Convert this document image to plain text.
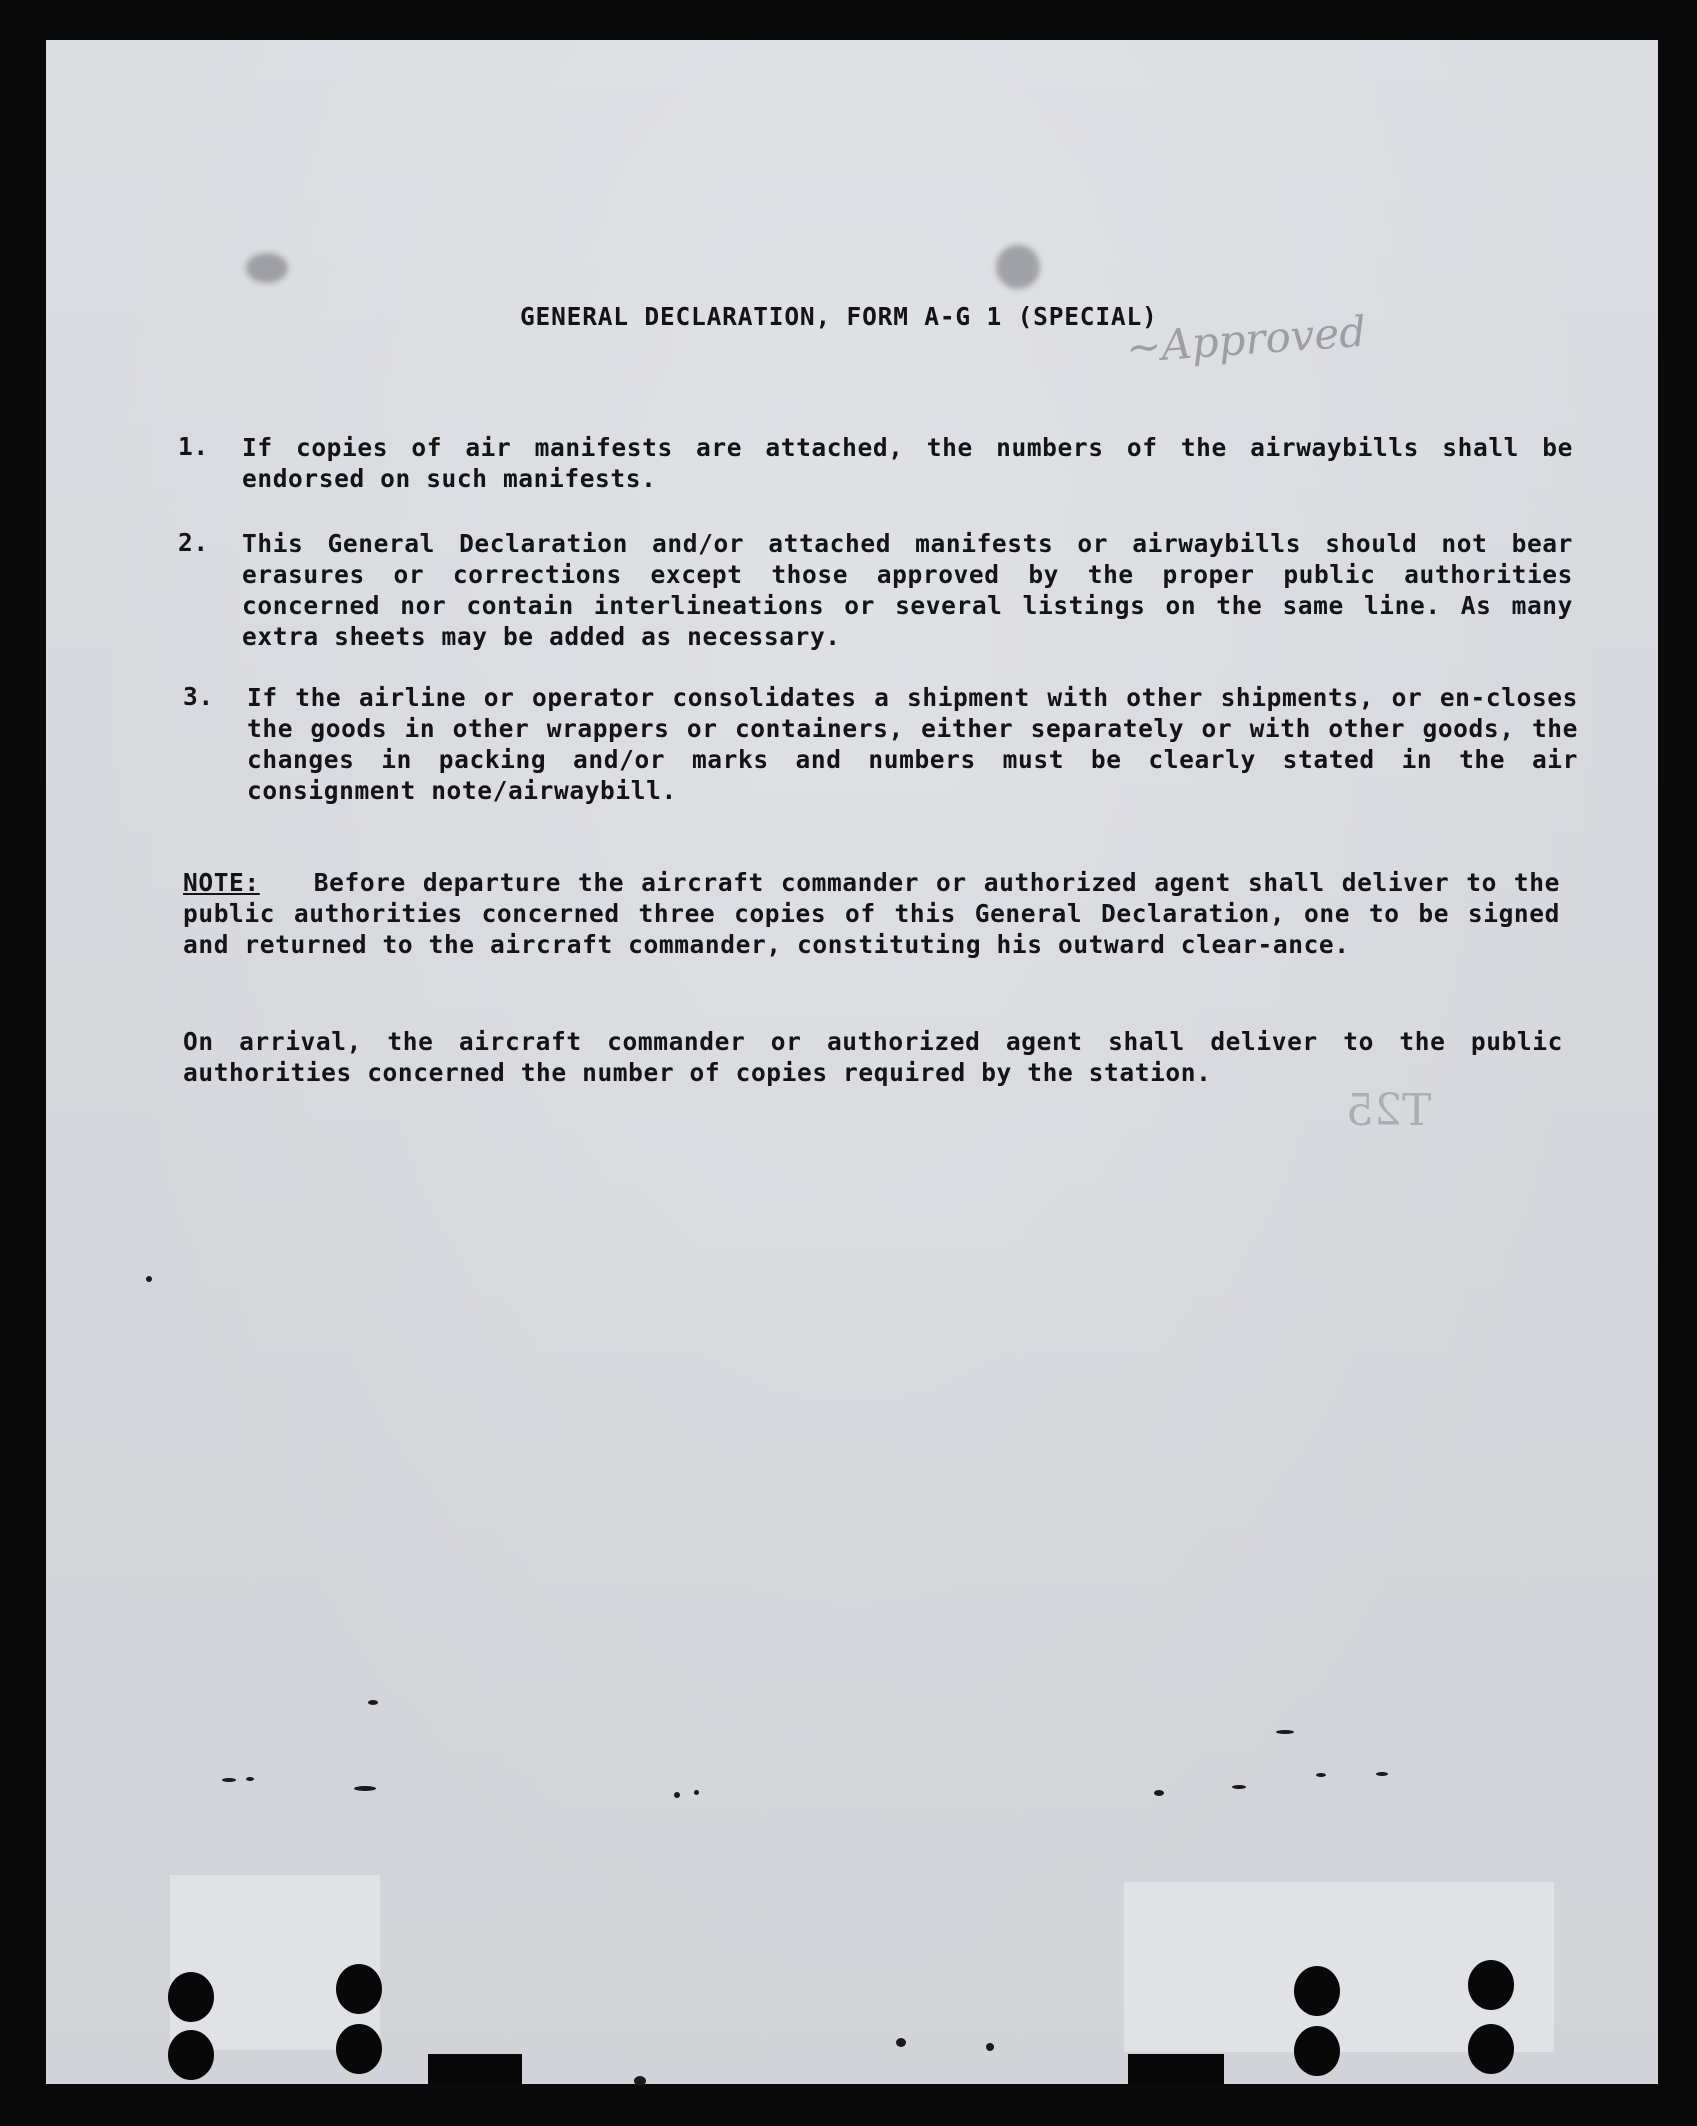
~Approved
T25
GENERAL DECLARATION, FORM A-G 1 (SPECIAL)
1. If copies of air manifests are attached, the numbers of the airwaybills shall be endorsed on such manifests.
2. This General Declaration and/or attached manifests or airwaybills should not bear erasures or corrections except those approved by the proper public authorities concerned nor contain interlineations or several listings on the same line. As many extra sheets may be added as necessary.
3. If the airline or operator consolidates a shipment with other shipments, or en-closes the goods in other wrappers or containers, either separately or with other goods, the changes in packing and/or marks and numbers must be clearly stated in the air consignment note/airwaybill.
NOTE: Before departure the aircraft commander or authorized agent shall deliver to the public authorities concerned three copies of this General Declaration, one to be signed and returned to the aircraft commander, constituting his outward clear-ance.
On arrival, the aircraft commander or authorized agent shall deliver to the public authorities concerned the number of copies required by the station.
